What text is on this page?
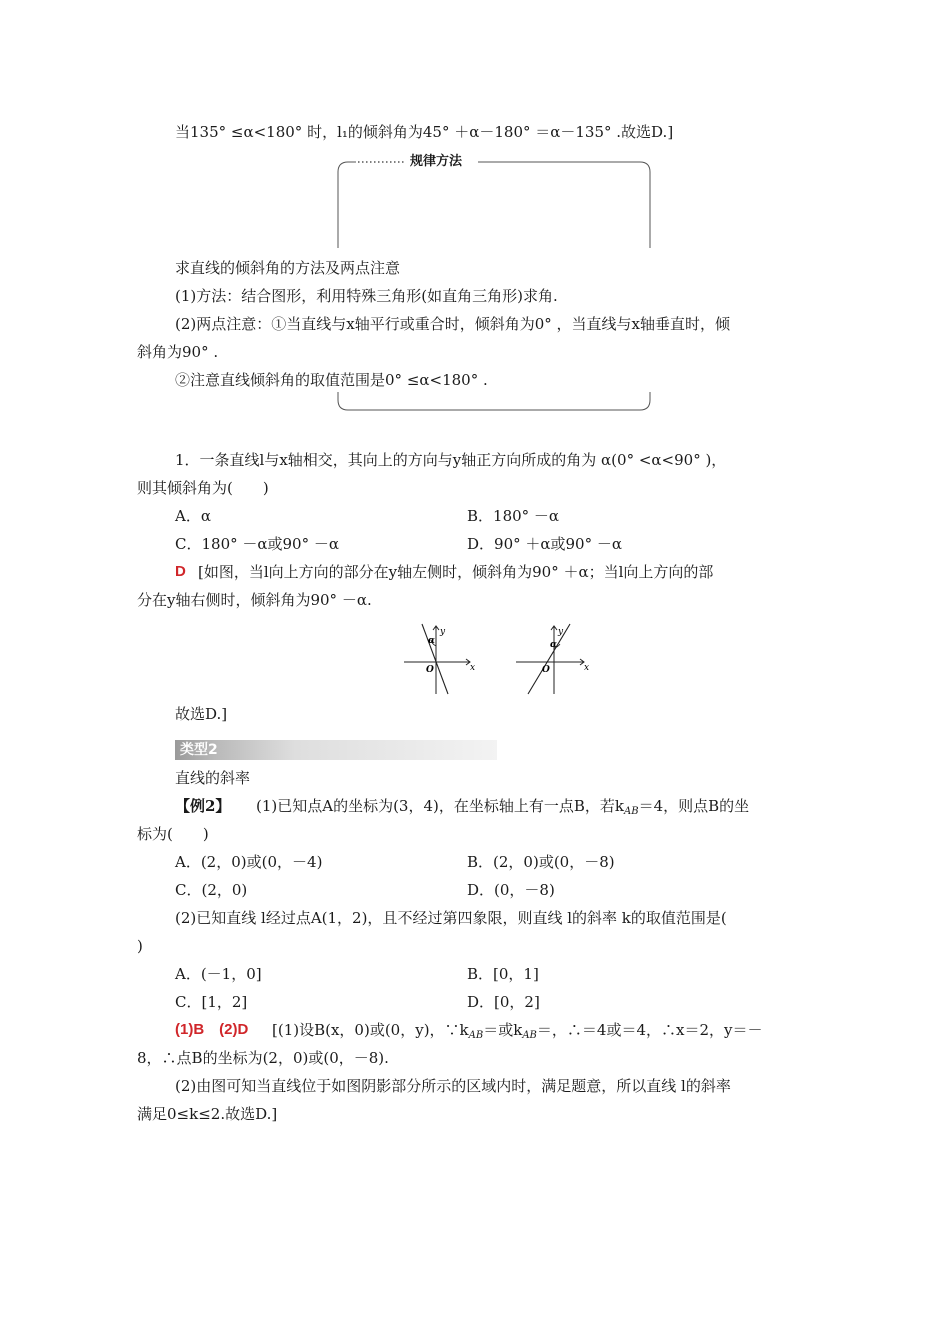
当135° ≤α<180° 时，l₁的倾斜角为45° ＋α－180° ＝α－135° .故选D.]
规律方法
求直线的倾斜角的方法及两点注意
(1)方法：结合图形，利用特殊三角形(如直角三角形)求角.
(2)两点注意：①当直线与x轴平行或重合时，倾斜角为0° ，当直线与x轴垂直时，倾
斜角为90° .
②注意直线倾斜角的取值范围是0° ≤α<180° .
1．一条直线l与x轴相交，其向上的方向与y轴正方向所成的角为 α(0° <α<90° )，
则其倾斜角为(　　)
A．α	B．180° －α
C．180° －α或90° －α	D．90° ＋α或90° －α
D [如图，当l向上方向的部分在y轴左侧时，倾斜角为90° ＋α；当l向上方向的部
分在y轴右侧时，倾斜角为90° －α.
y
x
O
α
y
x
O
α
故选D.]
类型2
直线的斜率
【例2】 (1)已知点A的坐标为(3，4)，在坐标轴上有一点B，若$k_{AB}=4$，则点B的坐
标为(　　)
A．(2，0)或(0，－4)	B．(2，0)或(0，－8)
C．(2，0)	D．(0，－8)
(2)已知直线 l经过点A(1，2)，且不经过第四象限，则直线 l的斜率 k的取值范围是(
)
A．(－1，0]	B．[0，1]
C．[1，2]	D．[0，2]
(1)B　(2)D [(1)设B(x，0)或(0，y)，$\because k_{AB}=$或$k_{AB}=$，∴＝4或＝4，∴x＝2，y＝－
8，∴点B的坐标为(2，0)或(0，－8).
(2)由图可知当直线位于如图阴影部分所示的区域内时，满足题意，所以直线 l的斜率
满足0≤k≤2.故选D.]
